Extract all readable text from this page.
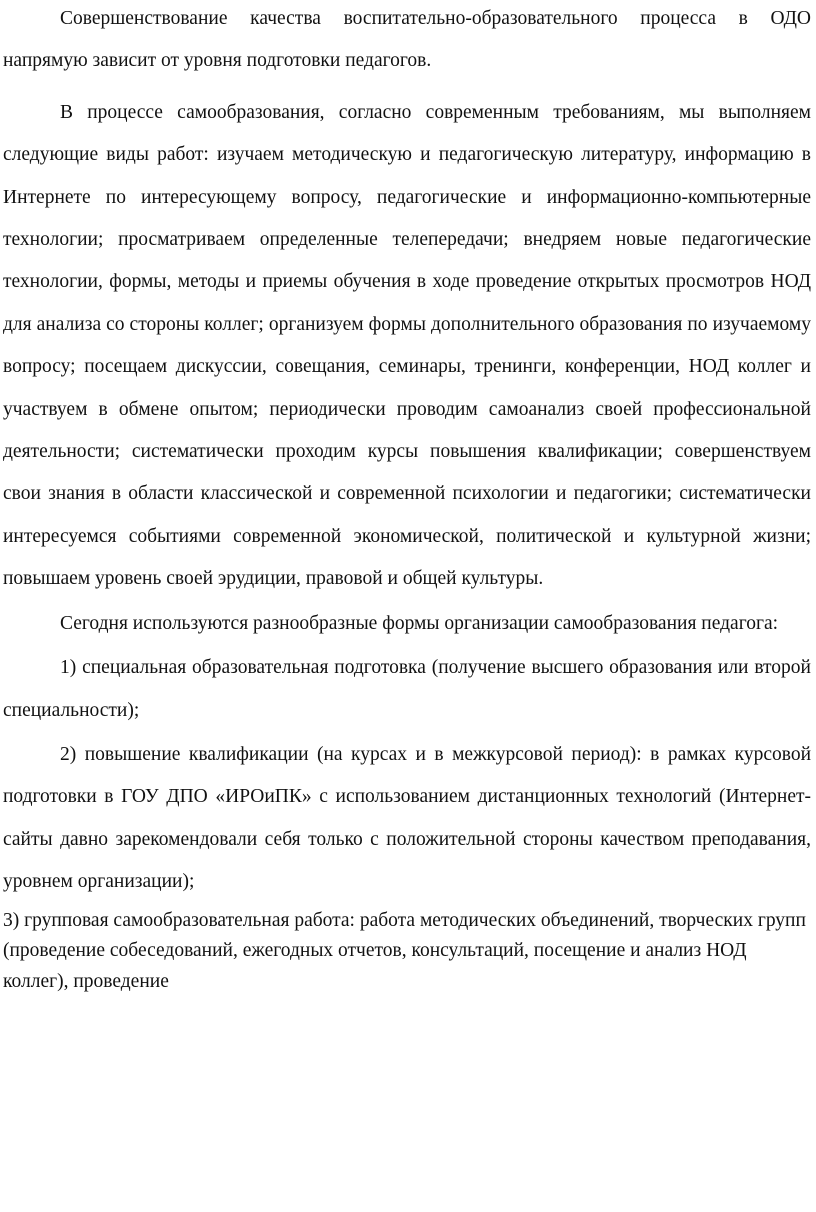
Совершенствование качества воспитательно-образовательного процесса в ОДО напрямую зависит от уровня подготовки педагогов.

В процессе самообразования, согласно современным требованиям, мы выполняем следующие виды работ: изучаем методическую и педагогическую литературу, информацию в Интернете по интересующему вопросу, педагогические и информационно-компьютерные технологии; просматриваем определенные телепередачи; внедряем новые педагогические технологии, формы, методы и приемы обучения в ходе проведение открытых просмотров НОД для анализа со стороны коллег; организуем формы дополнительного образования по изучаемому вопросу; посещаем дискуссии, совещания, семинары, тренинги, конференции, НОД коллег и участвуем в обмене опытом; периодически проводим самоанализ своей профессиональной деятельности; систематически проходим курсы повышения квалификации; совершенствуем свои знания в области классической и современной психологии и педагогики; систематически интересуемся событиями современной экономической, политической и культурной жизни; повышаем уровень своей эрудиции, правовой и общей культуры.

Сегодня используются разнообразные формы организации самообразования педагога:

1) специальная образовательная подготовка (получение высшего образования или второй специальности);

2) повышение квалификации (на курсах и в межкурсовой период): в рамках курсовой подготовки в ГОУ ДПО «ИРОиПК» с использованием дистанционных технологий (Интернет-сайты давно зарекомендовали себя только с положительной стороны качеством преподавания, уровнем организации);

3) групповая самообразовательная работа: работа методических объединений, творческих групп (проведение собеседований, ежегодных отчетов, консультаций, посещение и анализ НОД коллег), проведение
